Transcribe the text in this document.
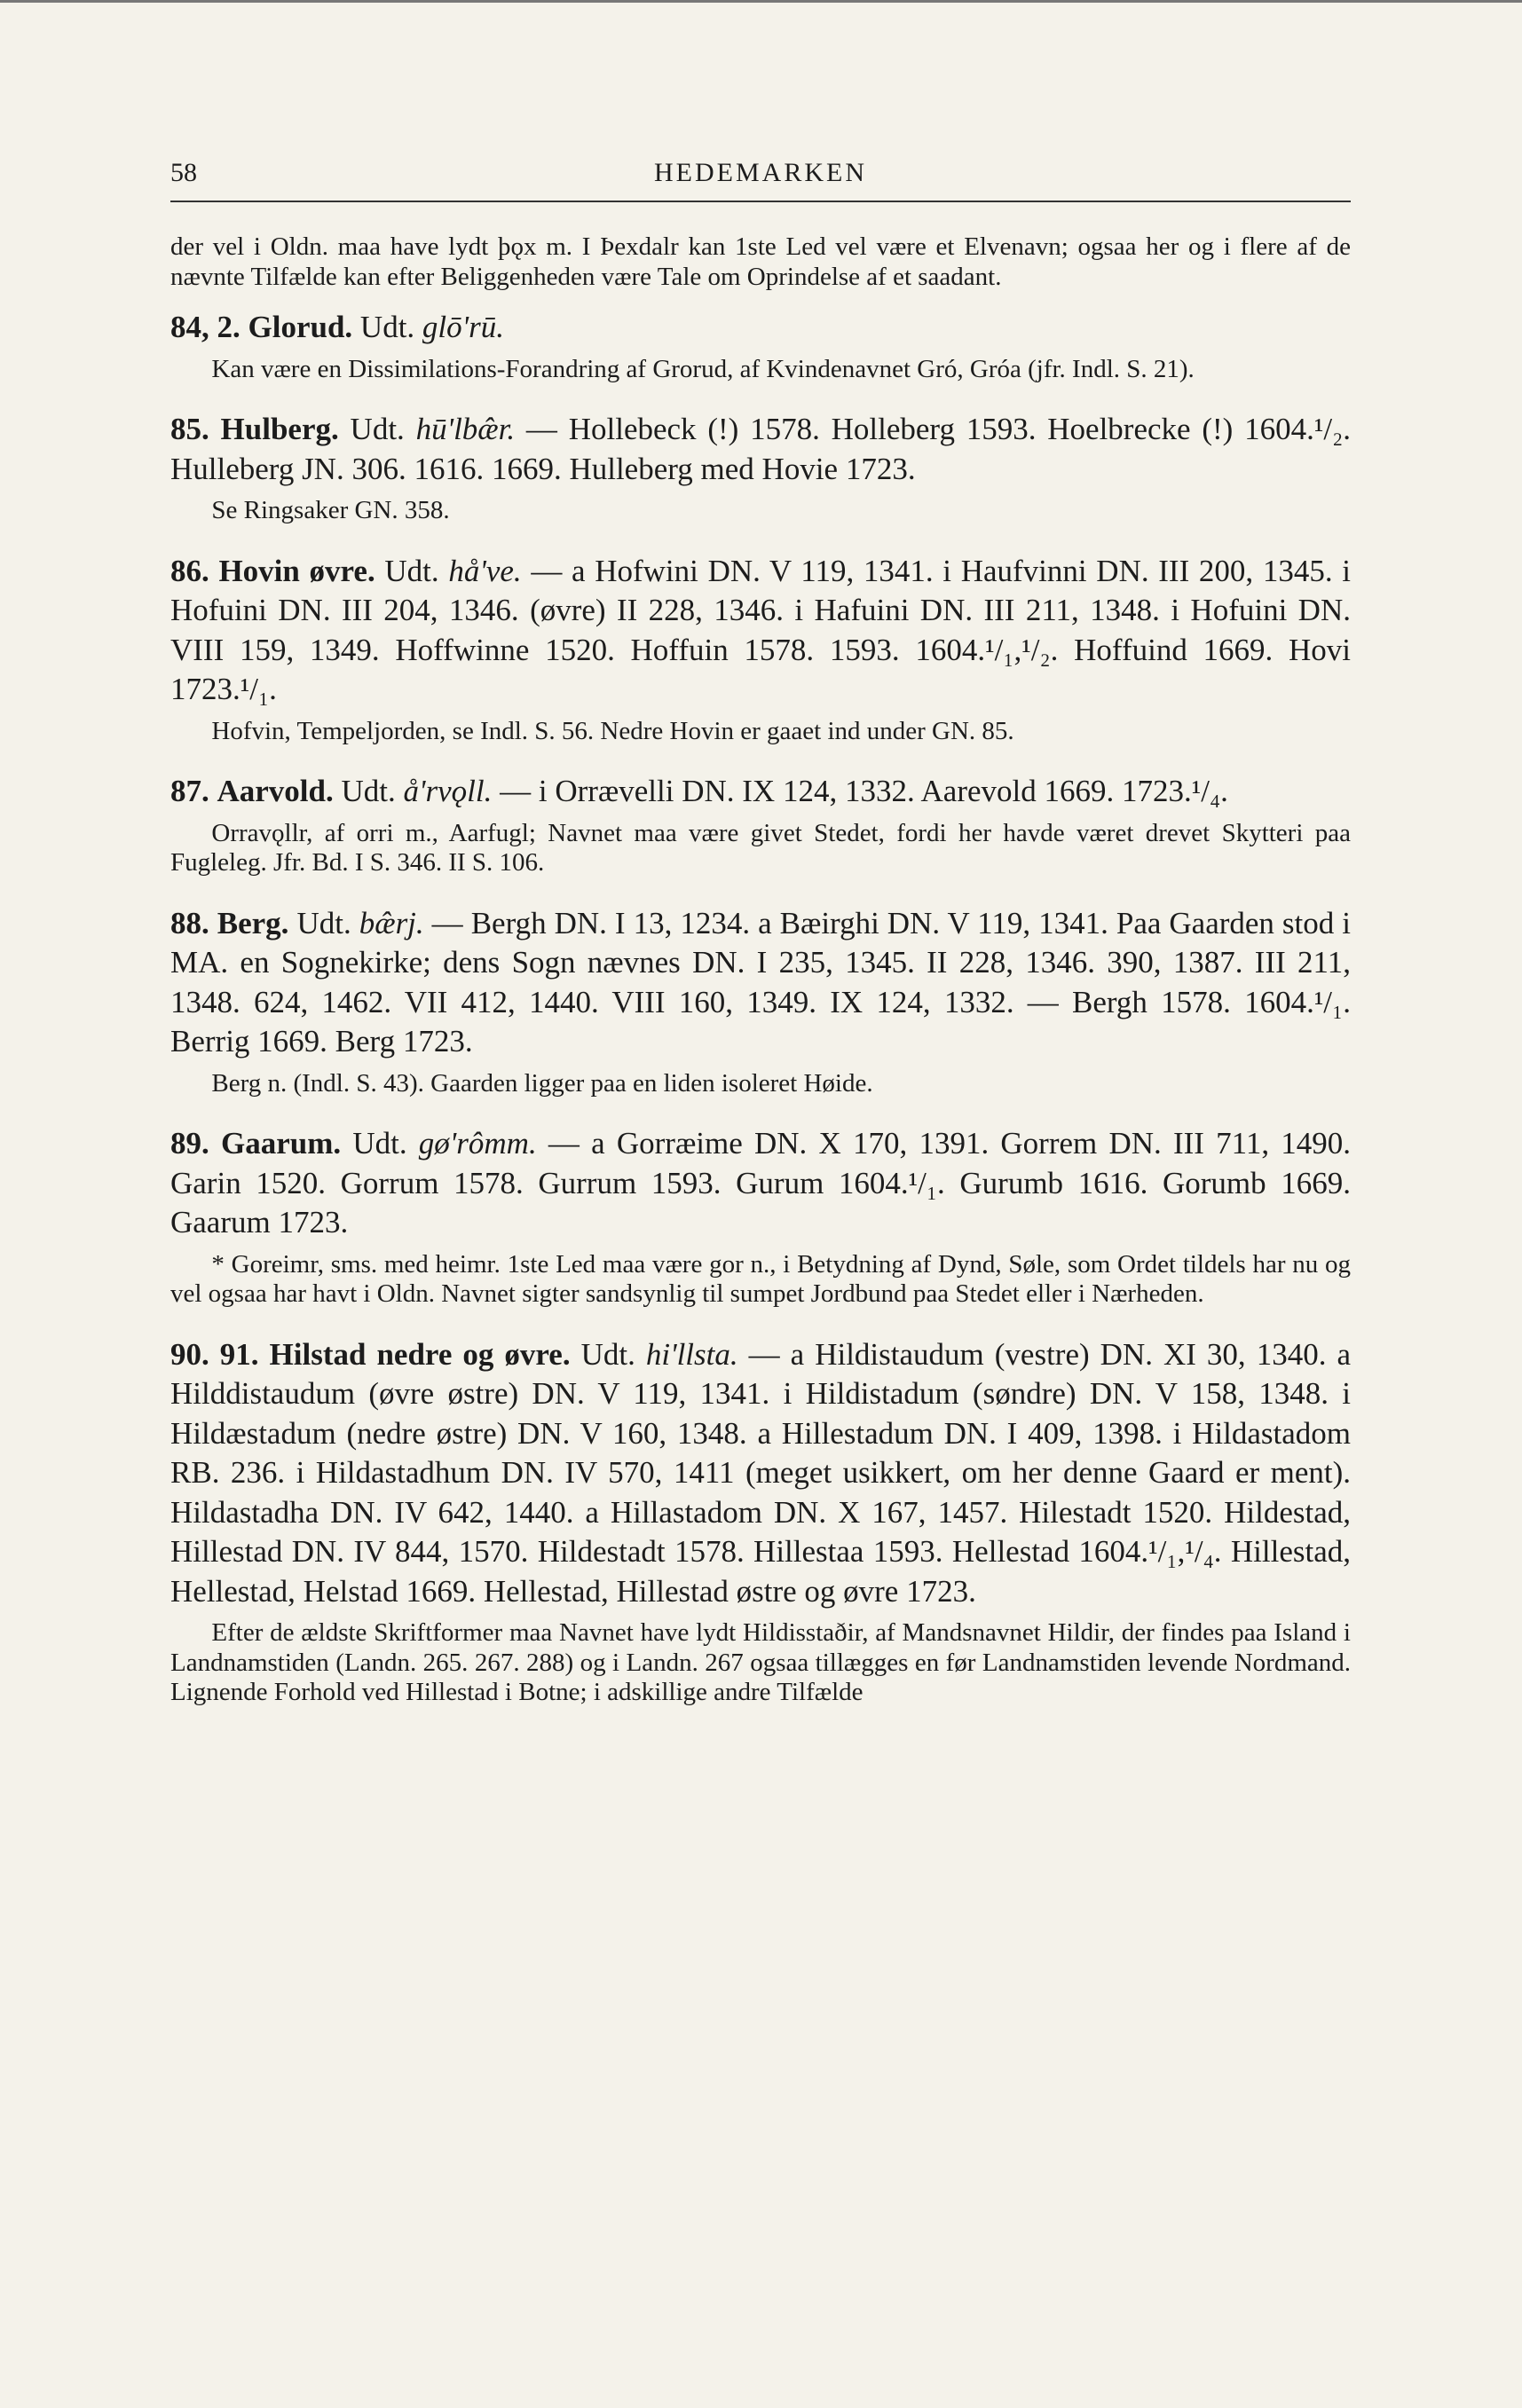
58	HEDEMARKEN

der vel i Oldn. maa have lydt þǫx m. I Þexdalr kan 1ste Led vel være et Elvenavn; ogsaa her og i flere af de nævnte Tilfælde kan efter Beliggenheden være Tale om Oprindelse af et saadant.

84, 2. Glorud. Udt. glō'rū.

Kan være en Dissimilations-Forandring af Grorud, af Kvindenavnet Gró, Gróa (jfr. Indl. S. 21).

85. Hulberg. Udt. hū'lbæ̂r. — Hollebeck (!) 1578. Holleberg 1593. Hoelbrecke (!) 1604.¹/₂. Hulleberg JN. 306. 1616. 1669. Hulleberg med Hovie 1723.

Se Ringsaker GN. 358.

86. Hovin øvre. Udt. hå've. — a Hofwini DN. V 119, 1341. i Haufvinni DN. III 200, 1345. i Hofuini DN. III 204, 1346. (øvre) II 228, 1346. i Hafuini DN. III 211, 1348. i Hofuini DN. VIII 159, 1349. Hoffwinne 1520. Hoffuin 1578. 1593. 1604.¹/₁,¹/₂. Hoffuind 1669. Hovi 1723.¹/₁.

Hofvin, Tempeljorden, se Indl. S. 56. Nedre Hovin er gaaet ind under GN. 85.

87. Aarvold. Udt. å'rvǫll. — i Orrævelli DN. IX 124, 1332. Aarevold 1669. 1723.¹/₄.

Orravǫllr, af orri m., Aarfugl; Navnet maa være givet Stedet, fordi her havde været drevet Skytteri paa Fugleleg. Jfr. Bd. I S. 346. II S. 106.

88. Berg. Udt. bæ̂rj. — Bergh DN. I 13, 1234. a Bæirghi DN. V 119, 1341. Paa Gaarden stod i MA. en Sognekirke; dens Sogn nævnes DN. I 235, 1345. II 228, 1346. 390, 1387. III 211, 1348. 624, 1462. VII 412, 1440. VIII 160, 1349. IX 124, 1332. — Bergh 1578. 1604.¹/₁. Berrig 1669. Berg 1723.

Berg n. (Indl. S. 43). Gaarden ligger paa en liden isoleret Høide.

89. Gaarum. Udt. gø'rômm. — a Gorræime DN. X 170, 1391. Gorrem DN. III 711, 1490. Garin 1520. Gorrum 1578. Gurrum 1593. Gurum 1604.¹/₁. Gurumb 1616. Gorumb 1669. Gaarum 1723.

* Goreimr, sms. med heimr. 1ste Led maa være gor n., i Betydning af Dynd, Søle, som Ordet tildels har nu og vel ogsaa har havt i Oldn. Navnet sigter sandsynlig til sumpet Jordbund paa Stedet eller i Nærheden.

90. 91. Hilstad nedre og øvre. Udt. hi'llsta. — a Hildistaudum (vestre) DN. XI 30, 1340. a Hilddistaudum (øvre østre) DN. V 119, 1341. i Hildistadum (søndre) DN. V 158, 1348. i Hildæstadum (nedre østre) DN. V 160, 1348. a Hillestadum DN. I 409, 1398. i Hildastadom RB. 236. i Hildastadhum DN. IV 570, 1411 (meget usikkert, om her denne Gaard er ment). Hildastadha DN. IV 642, 1440. a Hillastadom DN. X 167, 1457. Hilestadt 1520. Hildestad, Hillestad DN. IV 844, 1570. Hildestadt 1578. Hillestaa 1593. Hellestad 1604.¹/₁,¹/₄. Hillestad, Hellestad, Helstad 1669. Hellestad, Hillestad østre og øvre 1723.

Efter de ældste Skriftformer maa Navnet have lydt Hildisstaðir, af Mandsnavnet Hildir, der findes paa Island i Landnamstiden (Landn. 265. 267. 288) og i Landn. 267 ogsaa tillægges en før Landnamstiden levende Nordmand. Lignende Forhold ved Hillestad i Botne; i adskillige andre Tilfælde
